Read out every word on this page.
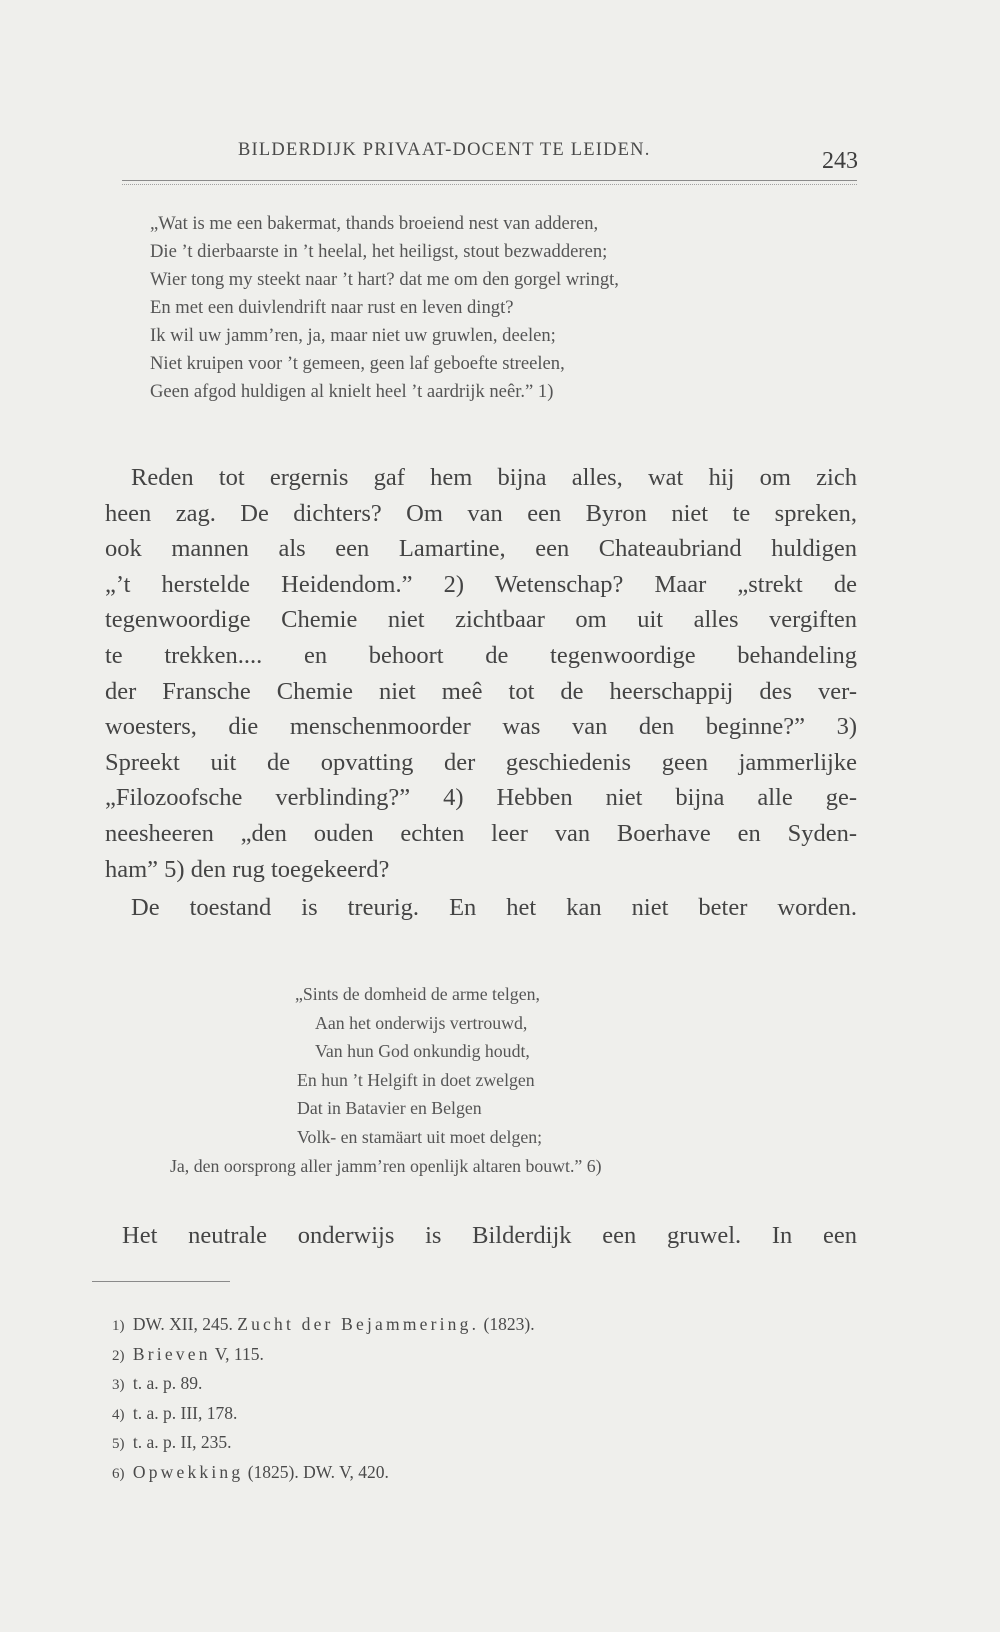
BILDERDIJK PRIVAAT-DOCENT TE LEIDEN.	243
„Wat is me een bakermat, thands broeiend nest van adderen,
Die ’t dierbaarste in ’t heelal, het heiligst, stout bezwadderen;
Wier tong my steekt naar ’t hart? dat me om den gorgel wringt,
En met een duivlendrift naar rust en leven dingt?
Ik wil uw jamm’ren, ja, maar niet uw gruwlen, deelen;
Niet kruipen voor ’t gemeen, geen laf geboefte streelen,
Geen afgod huldigen al knielt heel ’t aardrijk neêr.” 1)
Reden tot ergernis gaf hem bijna alles, wat hij om zich
heen zag. De dichters? Om van een Byron niet te spreken,
ook mannen als een Lamartine, een Chateaubriand huldigen
„’t herstelde Heidendom.” 2) Wetenschap? Maar „strekt de
tegenwoordige Chemie niet zichtbaar om uit alles vergiften
te trekken.... en behoort de tegenwoordige behandeling
der Fransche Chemie niet meê tot de heerschappij des ver-
woesters, die menschenmoorder was van den beginne?” 3)
Spreekt uit de opvatting der geschiedenis geen jammerlijke
„Filozoofsche verblinding?” 4) Hebben niet bijna alle ge-
neesheeren „den ouden echten leer van Boerhave en Syden-
ham” 5) den rug toegekeerd?
De toestand is treurig. En het kan niet beter worden.
„Sints de domheid de arme telgen,
Aan het onderwijs vertrouwd,
Van hun God onkundig houdt,
En hun ’t Helgift in doet zwelgen
Dat in Batavier en Belgen
Volk- en stamäart uit moet delgen;
Ja, den oorsprong aller jamm’ren openlijk altaren bouwt.” 6)
Het neutrale onderwijs is Bilderdijk een gruwel. In een
1) DW. XII, 245. Zucht der Bejammering. (1823).
2) Brieven V, 115.
3) t. a. p. 89.
4) t. a. p. III, 178.
5) t. a. p. II, 235.
6) Opwekking (1825). DW. V, 420.
